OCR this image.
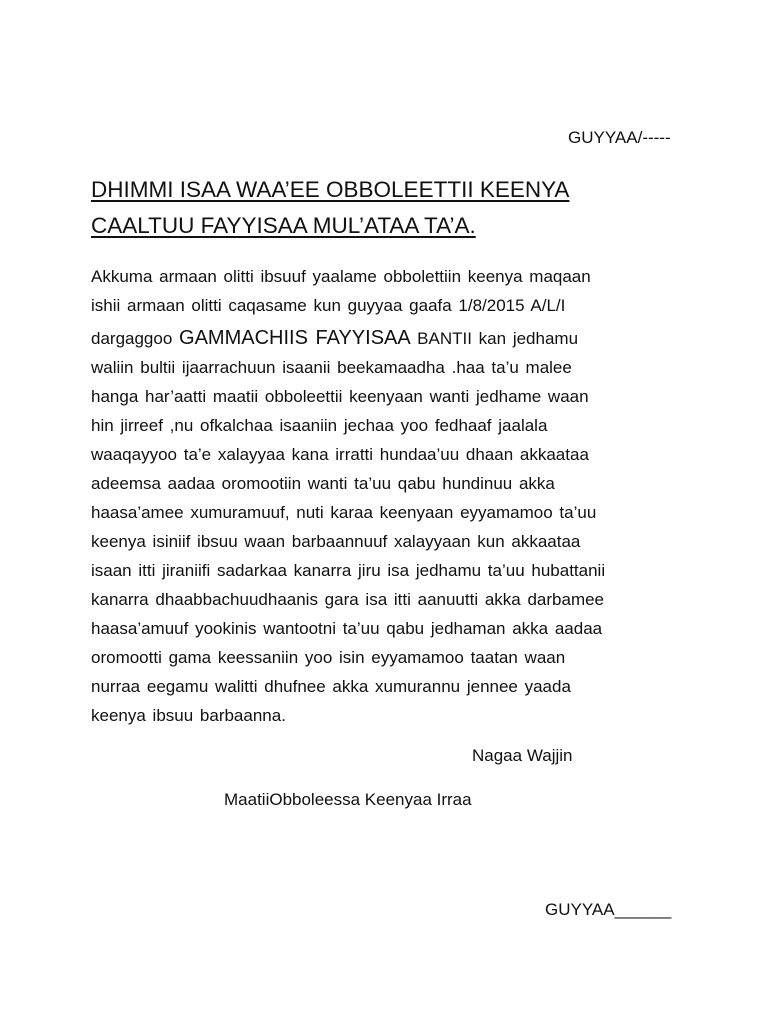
GUYYAA/-----
DHIMMI ISAA WAA’EE OBBOLEETTII KEENYA
CAALTUU FAYYISAA MUL’ATAA TA’A.
Akkuma armaan olitti ibsuuf yaalame obbolettiin keenya maqaan
ishii armaan olitti caqasame kun guyyaa gaafa 1/8/2015 A/L/I
dargaggoo GAMMACHIIS FAYYISAA BANTII kan jedhamu
waliin bultii ijaarrachuun isaanii beekamaadha .haa ta’u malee
hanga har’aatti maatii obboleettii keenyaan wanti jedhame waan
hin jirreef ,nu ofkalchaa isaaniin jechaa yoo fedhaaf jaalala
waaqayyoo ta’e xalayyaa kana irratti hundaa’uu dhaan akkaataa
adeemsa aadaa oromootiin wanti ta’uu qabu hundinuu akka
haasa’amee xumuramuuf, nuti karaa keenyaan eyyamamoo ta’uu
keenya isiniif ibsuu waan barbaannuuf xalayyaan kun akkaataa
isaan itti jiraniifi sadarkaa kanarra jiru isa jedhamu ta’uu hubattanii
kanarra dhaabbachuudhaanis gara isa itti aanuutti akka darbamee
haasa’amuuf yookinis wantootni ta’uu qabu jedhaman akka aadaa
oromootti gama keessaniin yoo isin eyyamamoo taatan waan
nurraa eegamu walitti dhufnee akka xumurannu jennee yaada
keenya ibsuu barbaanna.
Nagaa Wajjin
MaatiiObboleessa Keenyaa Irraa
GUYYAA______
